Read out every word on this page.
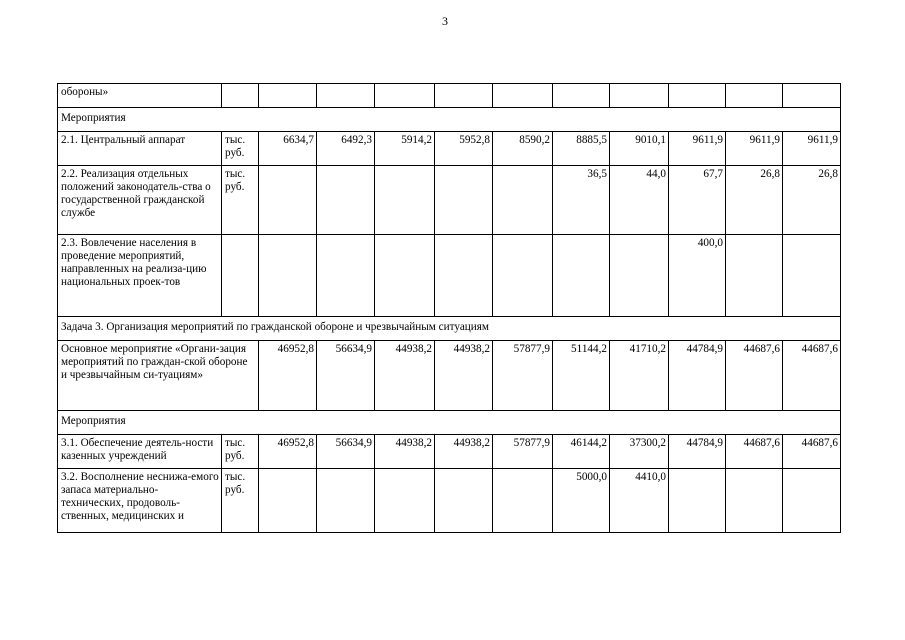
3
обороны»											
Мероприятия											
2.1. Центральный аппарат	тыс. руб.	6634,7	6492,3	5914,2	5952,8	8590,2	8885,5	9010,1	9611,9	9611,9	9611,9
2.2. Реализация отдельных положений законодатель-ства о государственной гражданской службе	тыс. руб.						36,5	44,0	67,7	26,8	26,8
2.3. Вовлечение населения в проведение мероприятий, направленных на реализа-цию национальных проек-тов									400,0		
Задача 3. Организация мероприятий по гражданской обороне и чрезвычайным ситуациям											
Основное мероприятие «Органи-зация мероприятий по граждан-ской обороне и чрезвычайным си-туациям»		46952,8	56634,9	44938,2	44938,2	57877,9	51144,2	41710,2	44784,9	44687,6	44687,6
Мероприятия											
3.1. Обеспечение деятель-ности казенных учреждений	тыс. руб.	46952,8	56634,9	44938,2	44938,2	57877,9	46144,2	37300,2	44784,9	44687,6	44687,6
3.2. Восполнение неснижа-емого запаса материально-технических, продоволь-ственных, медицинских и	тыс. руб.						5000,0	4410,0			
